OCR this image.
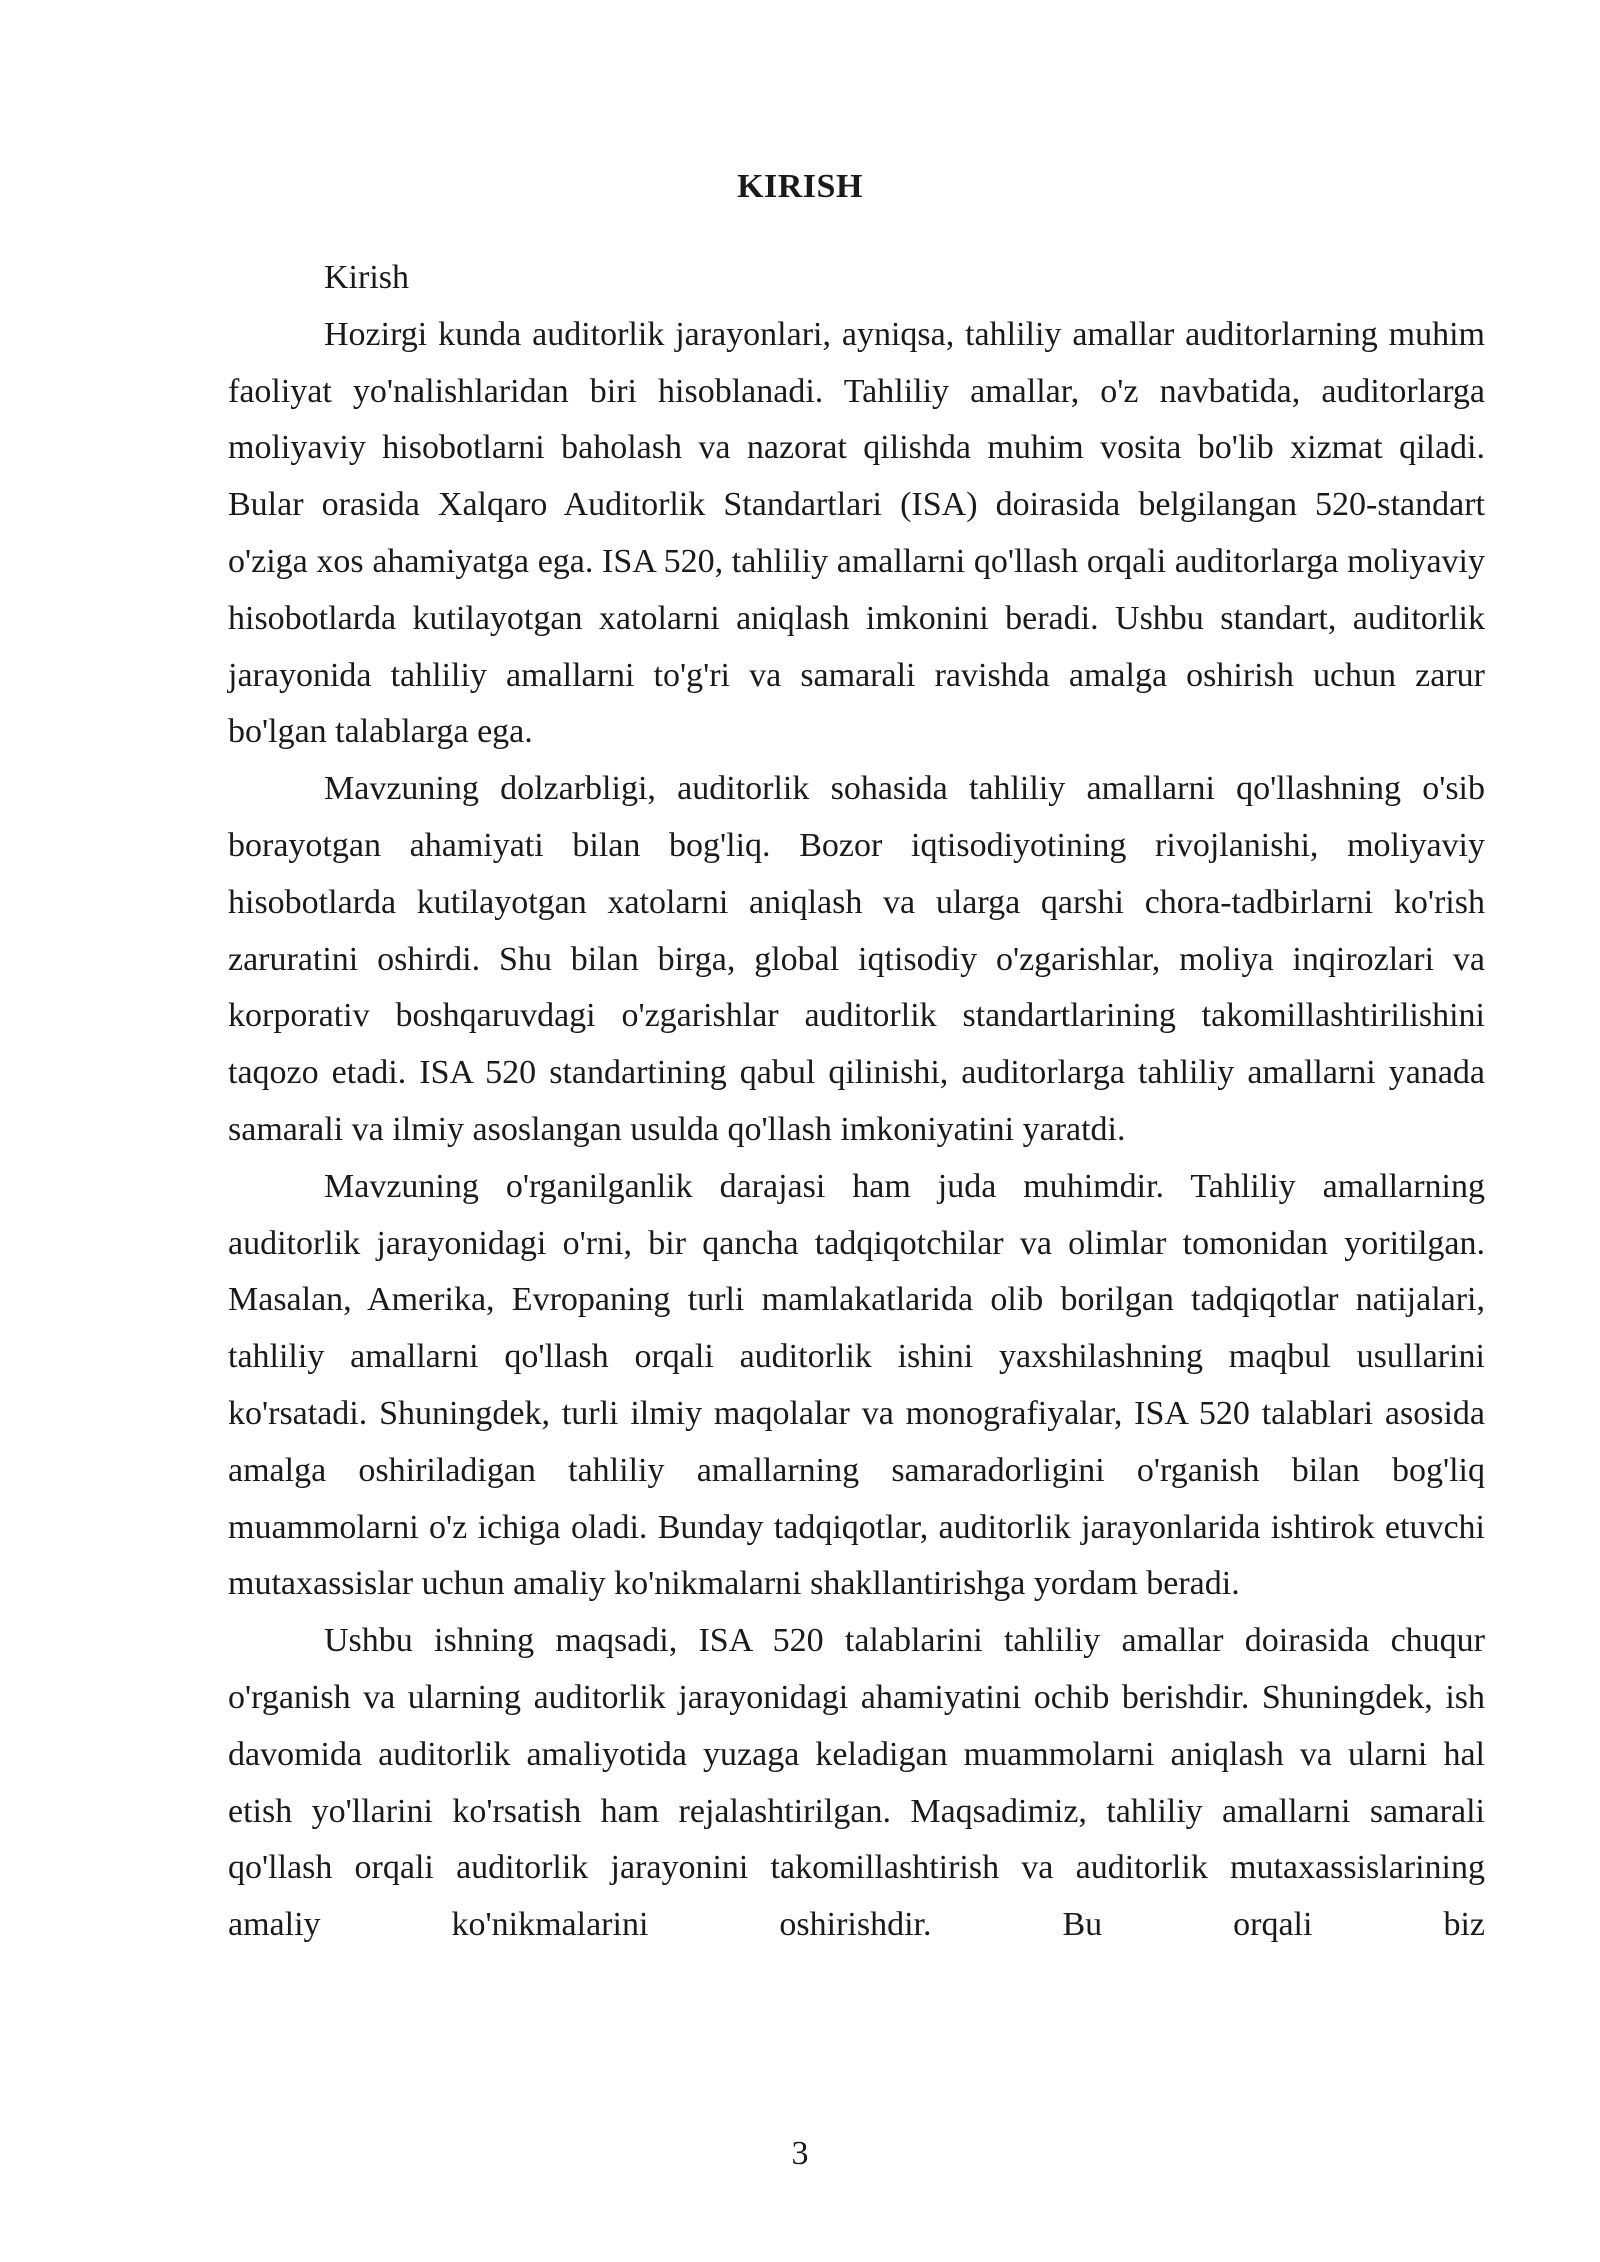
KIRISH

Kirish

Hozirgi kunda auditorlik jarayonlari, ayniqsa, tahliliy amallar auditorlarning muhim faoliyat yo'nalishlaridan biri hisoblanadi. Tahliliy amallar, o'z navbatida, auditorlarga moliyaviy hisobotlarni baholash va nazorat qilishda muhim vosita bo'lib xizmat qiladi. Bular orasida Xalqaro Auditorlik Standartlari (ISA) doirasida belgilangan 520-standart o'ziga xos ahamiyatga ega. ISA 520, tahliliy amallarni qo'llash orqali auditorlarga moliyaviy hisobotlarda kutilayotgan xatolarni aniqlash imkonini beradi. Ushbu standart, auditorlik jarayonida tahliliy amallarni to'g'ri va samarali ravishda amalga oshirish uchun zarur bo'lgan talablarga ega.

Mavzuning dolzarbligi, auditorlik sohasida tahliliy amallarni qo'llashning o'sib borayotgan ahamiyati bilan bog'liq. Bozor iqtisodiyotining rivojlanishi, moliyaviy hisobotlarda kutilayotgan xatolarni aniqlash va ularga qarshi chora-tadbirlarni ko'rish zaruratini oshirdi. Shu bilan birga, global iqtisodiy o'zgarishlar, moliya inqirozlari va korporativ boshqaruvdagi o'zgarishlar auditorlik standartlarining takomillashtirilishini taqozo etadi. ISA 520 standartining qabul qilinishi, auditorlarga tahliliy amallarni yanada samarali va ilmiy asoslangan usulda qo'llash imkoniyatini yaratdi.

Mavzuning o'rganilganlik darajasi ham juda muhimdir. Tahliliy amallarning auditorlik jarayonidagi o'rni, bir qancha tadqiqotchilar va olimlar tomonidan yoritilgan. Masalan, Amerika, Evropaning turli mamlakatlarida olib borilgan tadqiqotlar natijalari, tahliliy amallarni qo'llash orqali auditorlik ishini yaxshilashning maqbul usullarini ko'rsatadi. Shuningdek, turli ilmiy maqolalar va monografiyalar, ISA 520 talablari asosida amalga oshiriladigan tahliliy amallarning samaradorligini o'rganish bilan bog'liq muammolarni o'z ichiga oladi. Bunday tadqiqotlar, auditorlik jarayonlarida ishtirok etuvchi mutaxassislar uchun amaliy ko'nikmalarni shakllantirishga yordam beradi.

Ushbu ishning maqsadi, ISA 520 talablarini tahliliy amallar doirasida chuqur o'rganish va ularning auditorlik jarayonidagi ahamiyatini ochib berishdir. Shuningdek, ish davomida auditorlik amaliyotida yuzaga keladigan muammolarni aniqlash va ularni hal etish yo'llarini ko'rsatish ham rejalashtirilgan. Maqsadimiz, tahliliy amallarni samarali qo'llash orqali auditorlik jarayonini takomillashtirish va auditorlik mutaxassislarining amaliy ko'nikmalarini oshirishdir. Bu orqali biz

3
